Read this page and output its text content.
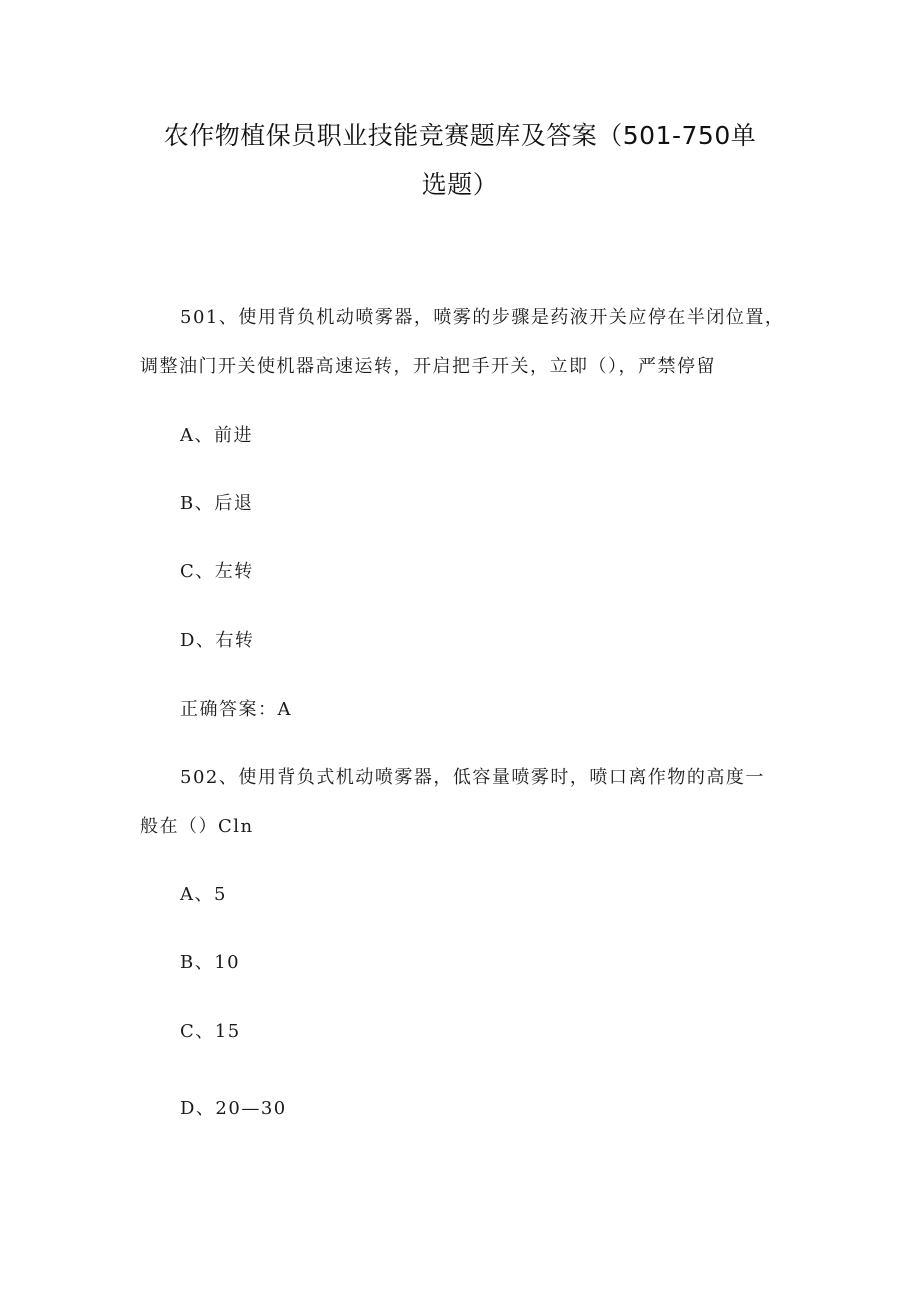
农作物植保员职业技能竞赛题库及答案（501-750单
选题）
501、使用背负机动喷雾器，喷雾的步骤是药液开关应停在半闭位置，
调整油门开关使机器高速运转，开启把手开关，立即（），严禁停留
A、前进
B、后退
C、左转
D、右转
正确答案：A
502、使用背负式机动喷雾器，低容量喷雾时，喷口离作物的高度一
般在（）Cln
A、5
B、10
C、15
D、20—30
